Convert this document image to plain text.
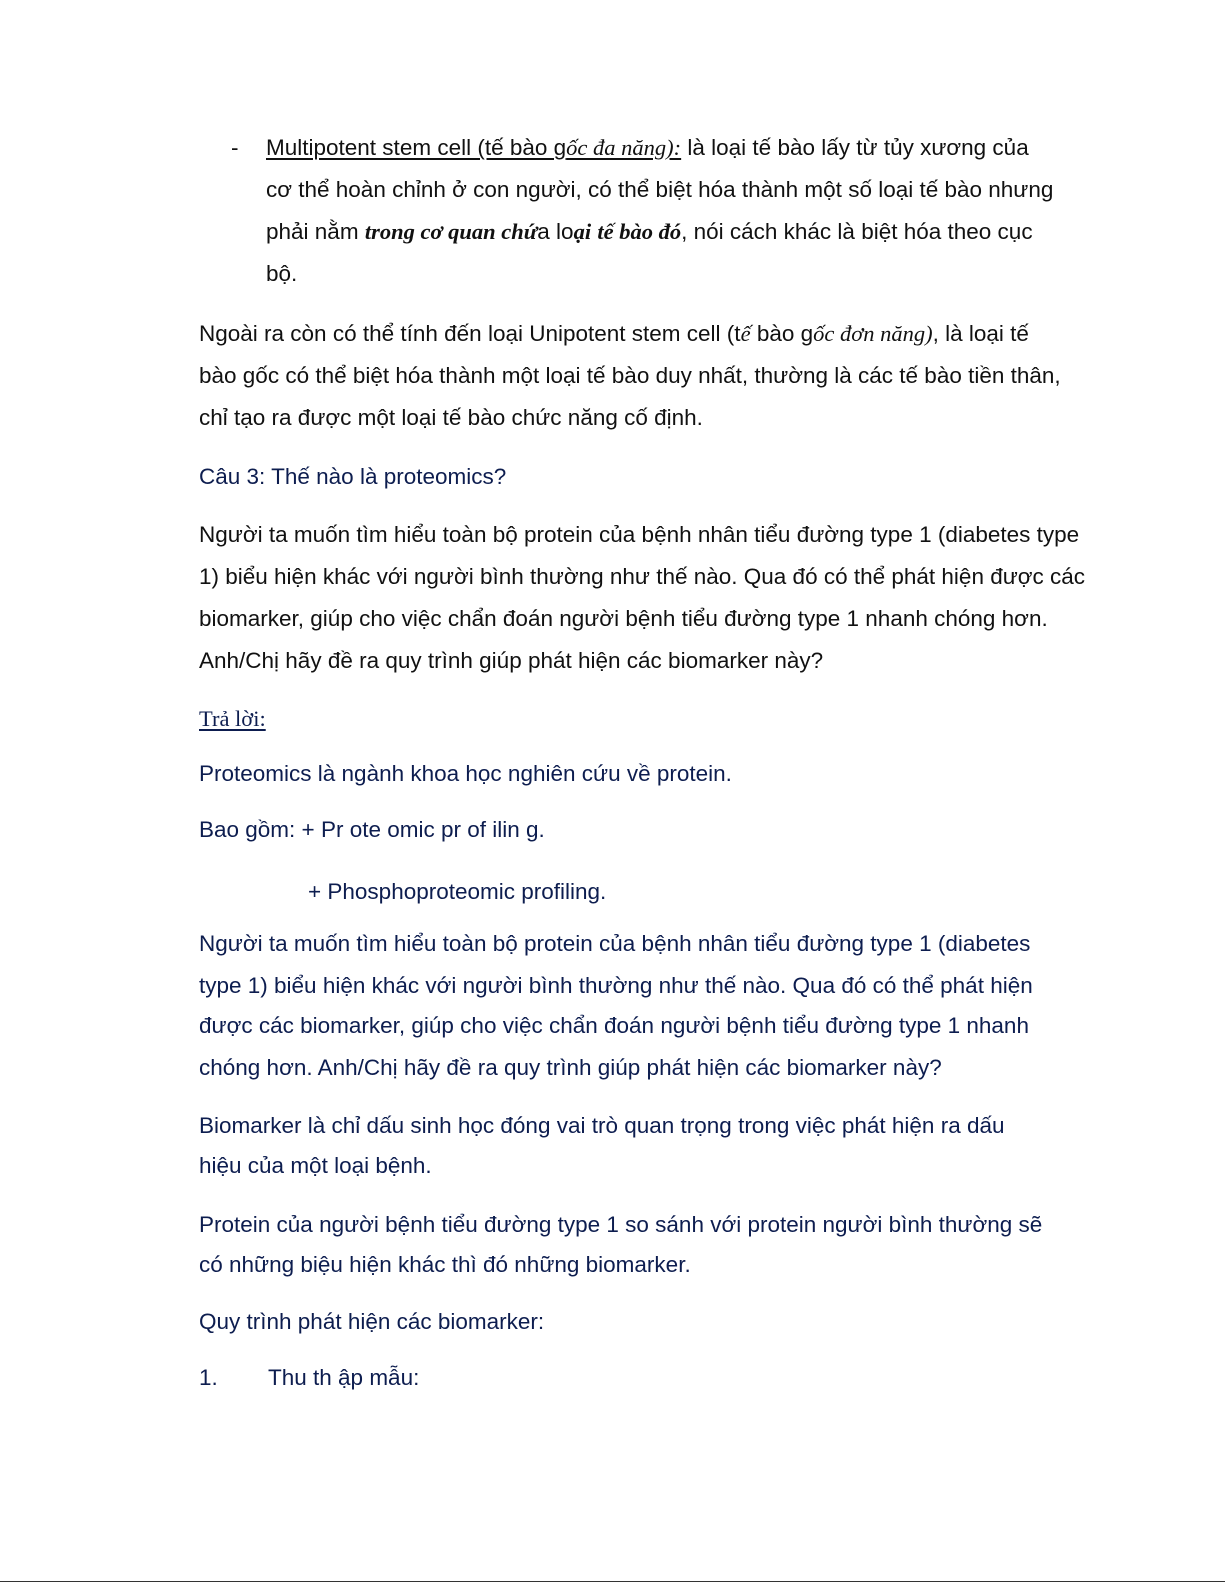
- Multipotent stem cell (tế bào gốc đa năng): là loại tế bào lấy từ tủy xương của
cơ thể hoàn chỉnh ở con người, có thể biệt hóa thành một số loại tế bào nhưng
phải nằm trong cơ quan chứa loại tế bào đó, nói cách khác là biệt hóa theo cục
bộ.
Ngoài ra còn có thể tính đến loại Unipotent stem cell (tế bào gốc đơn năng), là loại tế
bào gốc có thể biệt hóa thành một loại tế bào duy nhất, thường là các tế bào tiền thân,
chỉ tạo ra được một loại tế bào chức năng cố định.
Câu 3: Thế nào là proteomics?
Người ta muốn tìm hiểu toàn bộ protein của bệnh nhân tiểu đường type 1 (diabetes type
1) biểu hiện khác với người bình thường như thế nào. Qua đó có thể phát hiện được các
biomarker, giúp cho việc chẩn đoán người bệnh tiểu đường type 1 nhanh chóng hơn.
Anh/Chị hãy đề ra quy trình giúp phát hiện các biomarker này?
Trả lời:
Proteomics là ngành khoa học nghiên cứu về protein.
Bao gồm: + Pr ote omic pr of ilin g.
+ Phosphoproteomic profiling.
Người ta muốn tìm hiểu toàn bộ protein của bệnh nhân tiểu đường type 1 (diabetes
type 1) biểu hiện khác với người bình thường như thế nào. Qua đó có thể phát hiện
được các biomarker, giúp cho việc chẩn đoán người bệnh tiểu đường type 1 nhanh
chóng hơn. Anh/Chị hãy đề ra quy trình giúp phát hiện các biomarker này?
Biomarker là chỉ dấu sinh học đóng vai trò quan trọng trong việc phát hiện ra dấu
hiệu của một loại bệnh.
Protein của người bệnh tiểu đường type 1 so sánh với protein người bình thường sẽ
có những biệu hiện khác thì đó những biomarker.
Quy trình phát hiện các biomarker:
1. Thu th ập mẫu:
